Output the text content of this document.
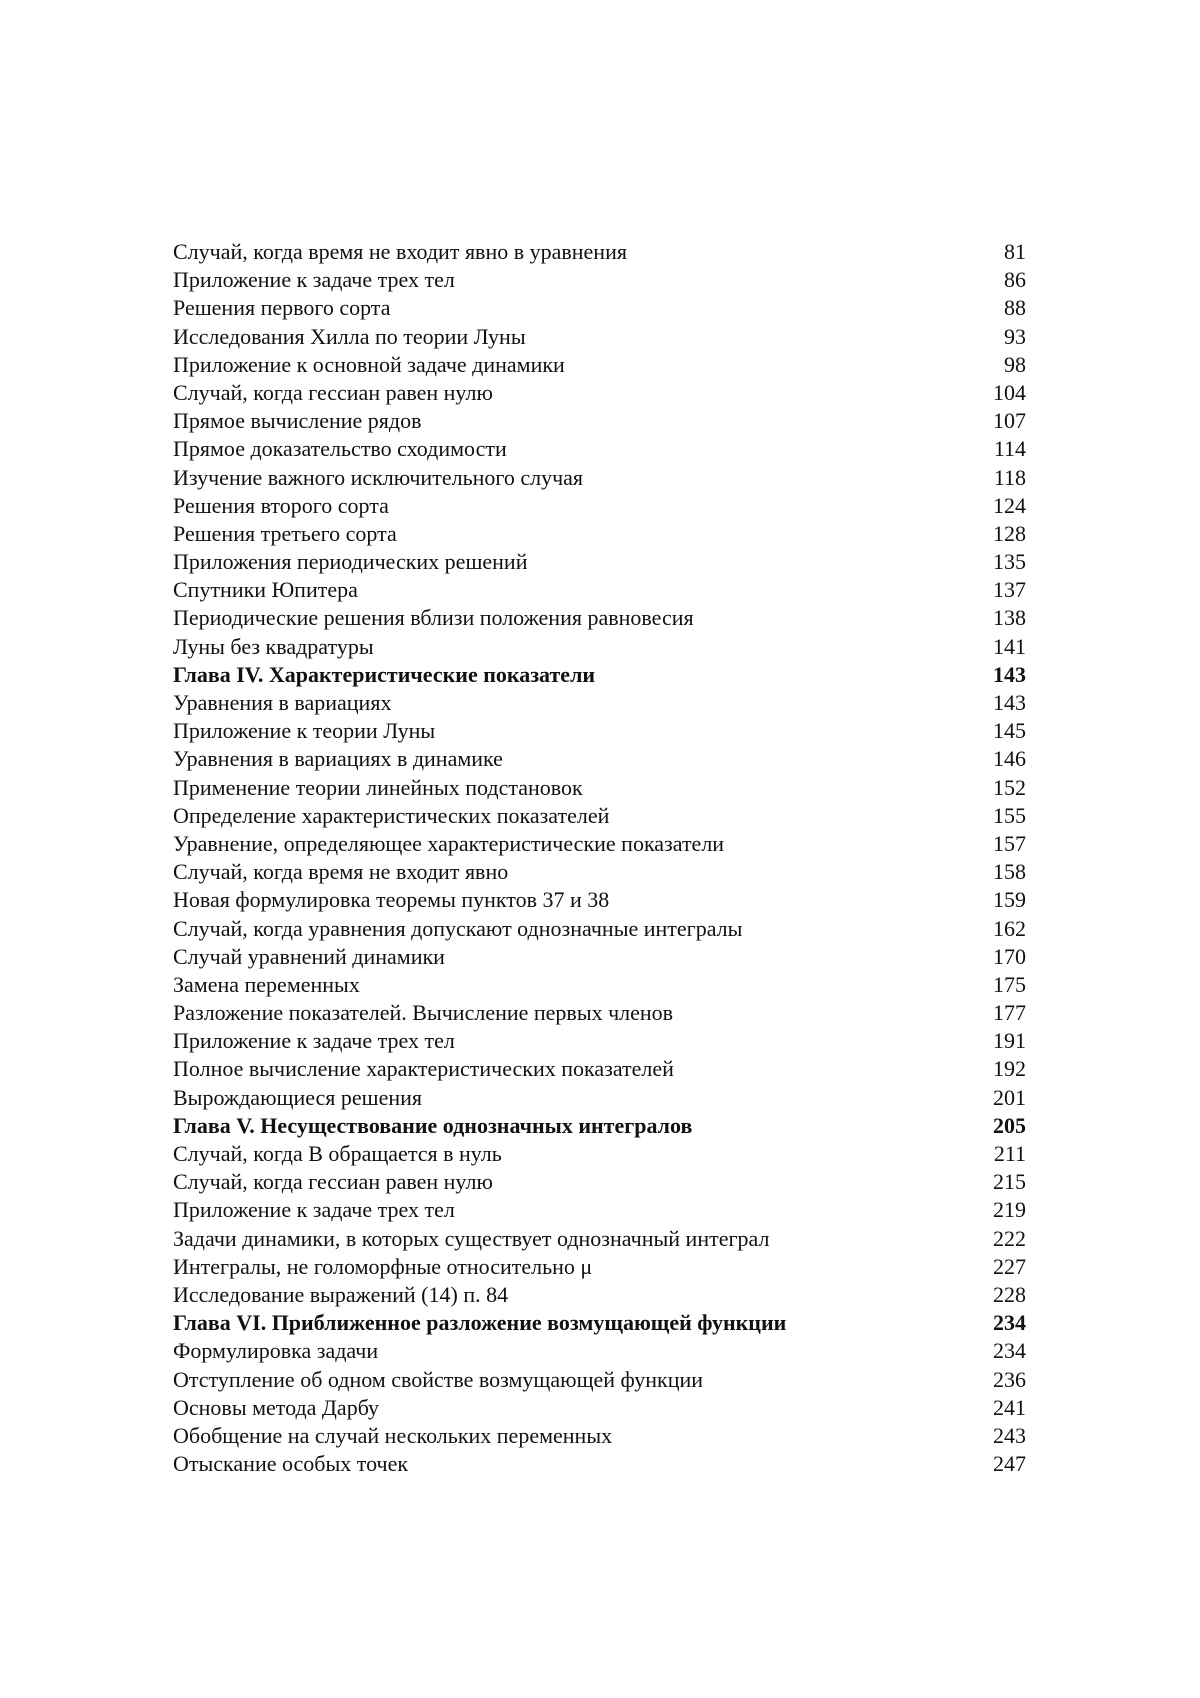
Случай, когда время не входит явно в уравнения	81
Приложение к задаче трех тел	86
Решения первого сорта	88
Исследования Хилла по теории Луны	93
Приложение к основной задаче динамики	98
Случай, когда гессиан равен нулю	104
Прямое вычисление рядов	107
Прямое доказательство сходимости	114
Изучение важного исключительного случая	118
Решения второго сорта	124
Решения третьего сорта	128
Приложения периодических решений	135
Спутники Юпитера	137
Периодические решения вблизи положения равновесия	138
Луны без квадратуры	141
Глава IV. Характеристические показатели	143
Уравнения в вариациях	143
Приложение к теории Луны	145
Уравнения в вариациях в динамике	146
Применение теории линейных подстановок	152
Определение характеристических показателей	155
Уравнение, определяющее характеристические показатели	157
Случай, когда время не входит явно	158
Новая формулировка теоремы пунктов 37 и 38	159
Случай, когда уравнения допускают однозначные интегралы	162
Случай уравнений динамики	170
Замена переменных	175
Разложение показателей. Вычисление первых членов	177
Приложение к задаче трех тел	191
Полное вычисление характеристических показателей	192
Вырождающиеся решения	201
Глава V. Несуществование однозначных интегралов	205
Случай, когда B обращается в нуль	211
Случай, когда гессиан равен нулю	215
Приложение к задаче трех тел	219
Задачи динамики, в которых существует однозначный интеграл	222
Интегралы, не голоморфные относительно μ	227
Исследование выражений (14) п. 84	228
Глава VI. Приближенное разложение возмущающей функции	234
Формулировка задачи	234
Отступление об одном свойстве возмущающей функции	236
Основы метода Дарбу	241
Обобщение на случай нескольких переменных	243
Отыскание особых точек	247
